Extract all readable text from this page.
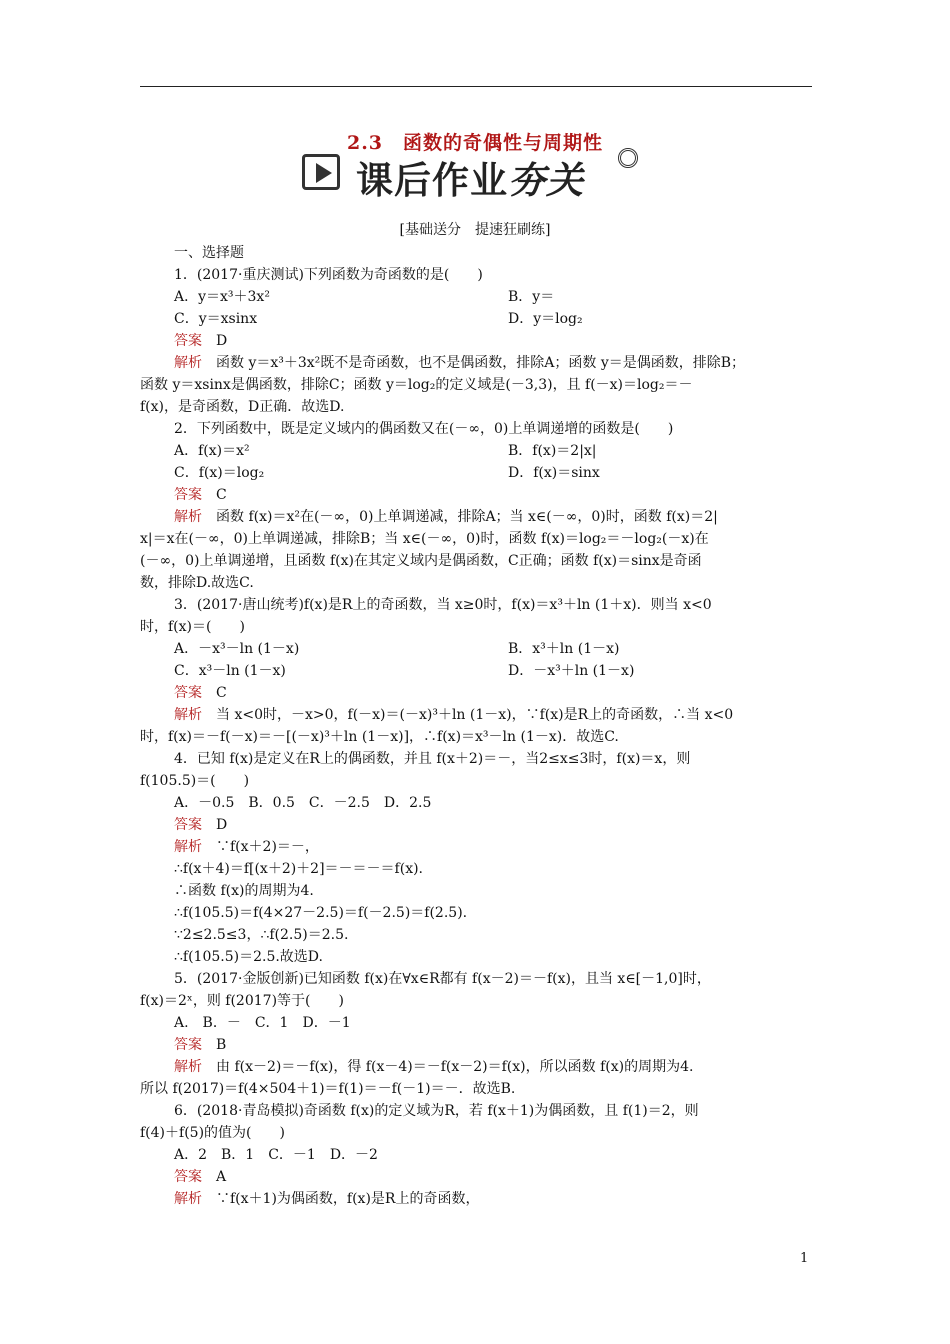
2.3　函数的奇偶性与周期性
课后作业夯关
[基础送分　提速狂刷练]
一、选择题
1．(2017·重庆测试)下列函数为奇函数的是(　　)
A．y＝x³＋3x²	B．y＝
C．y＝xsinx	D．y＝log₂
答案　 D
解析　 函数 y＝x³＋3x²既不是奇函数，也不是偶函数，排除A；函数 y＝是偶函数，排除B；
函数 y＝xsinx是偶函数，排除C；函数 y＝log₂的定义域是(－3,3)，且 f(－x)＝log₂＝－
f(x)，是奇函数，D正确．故选D.
2．下列函数中，既是定义域内的偶函数又在(－∞，0)上单调递增的函数是(　　)
A．f(x)＝x²	B．f(x)＝2|x|
C．f(x)＝log₂	D．f(x)＝sinx
答案　 C
解析　 函数 f(x)＝x²在(－∞，0)上单调递减，排除A；当 x∈(－∞，0)时，函数 f(x)＝2|
x|＝x在(－∞，0)上单调递减，排除B；当 x∈(－∞，0)时，函数 f(x)＝log₂＝－log₂(－x)在
(－∞，0)上单调递增，且函数 f(x)在其定义域内是偶函数，C正确；函数 f(x)＝sinx是奇函
数，排除D.故选C.
3．(2017·唐山统考)f(x)是R上的奇函数，当 x≥0时，f(x)＝x³＋ln (1＋x)．则当 x<0
时，f(x)＝(　　)
A．－x³－ln (1－x)	B．x³＋ln (1－x)
C．x³－ln (1－x)	D．－x³＋ln (1－x)
答案　 C
解析　 当 x<0时，－x>0，f(－x)＝(－x)³＋ln (1－x)，∵f(x)是R上的奇函数，∴当 x<0
时，f(x)＝－f(－x)＝－[(－x)³＋ln (1－x)]，∴f(x)＝x³－ln (1－x)．故选C.
4．已知 f(x)是定义在R上的偶函数，并且 f(x＋2)＝－，当2≤x≤3时，f(x)＝x，则
f(105.5)＝(　　)
A．－0.5　B．0.5　C．－2.5　D．2.5
答案　 D
解析　 ∵f(x＋2)＝－，
∴f(x＋4)＝f[(x＋2)＋2]＝－＝－＝f(x).
∴函数 f(x)的周期为4.
∴f(105.5)＝f(4×27－2.5)＝f(－2.5)＝f(2.5).
∵2≤2.5≤3，∴f(2.5)＝2.5.
∴f(105.5)＝2.5.故选D.
5．(2017·金版创新)已知函数 f(x)在∀x∈R都有 f(x－2)＝－f(x)，且当 x∈[－1,0]时，
f(x)＝2ˣ，则 f(2017)等于(　　)
A.　B．－　C．1　D．－1
答案　 B
解析　 由 f(x－2)＝－f(x)，得 f(x－4)＝－f(x－2)＝f(x)，所以函数 f(x)的周期为4.
所以 f(2017)＝f(4×504＋1)＝f(1)＝－f(－1)＝－．故选B.
6．(2018·青岛模拟)奇函数 f(x)的定义域为R，若 f(x＋1)为偶函数，且 f(1)＝2，则
f(4)＋f(5)的值为(　　)
A．2　B．1　C．－1　D．－2
答案　 A
解析　 ∵f(x＋1)为偶函数，f(x)是R上的奇函数，
1
